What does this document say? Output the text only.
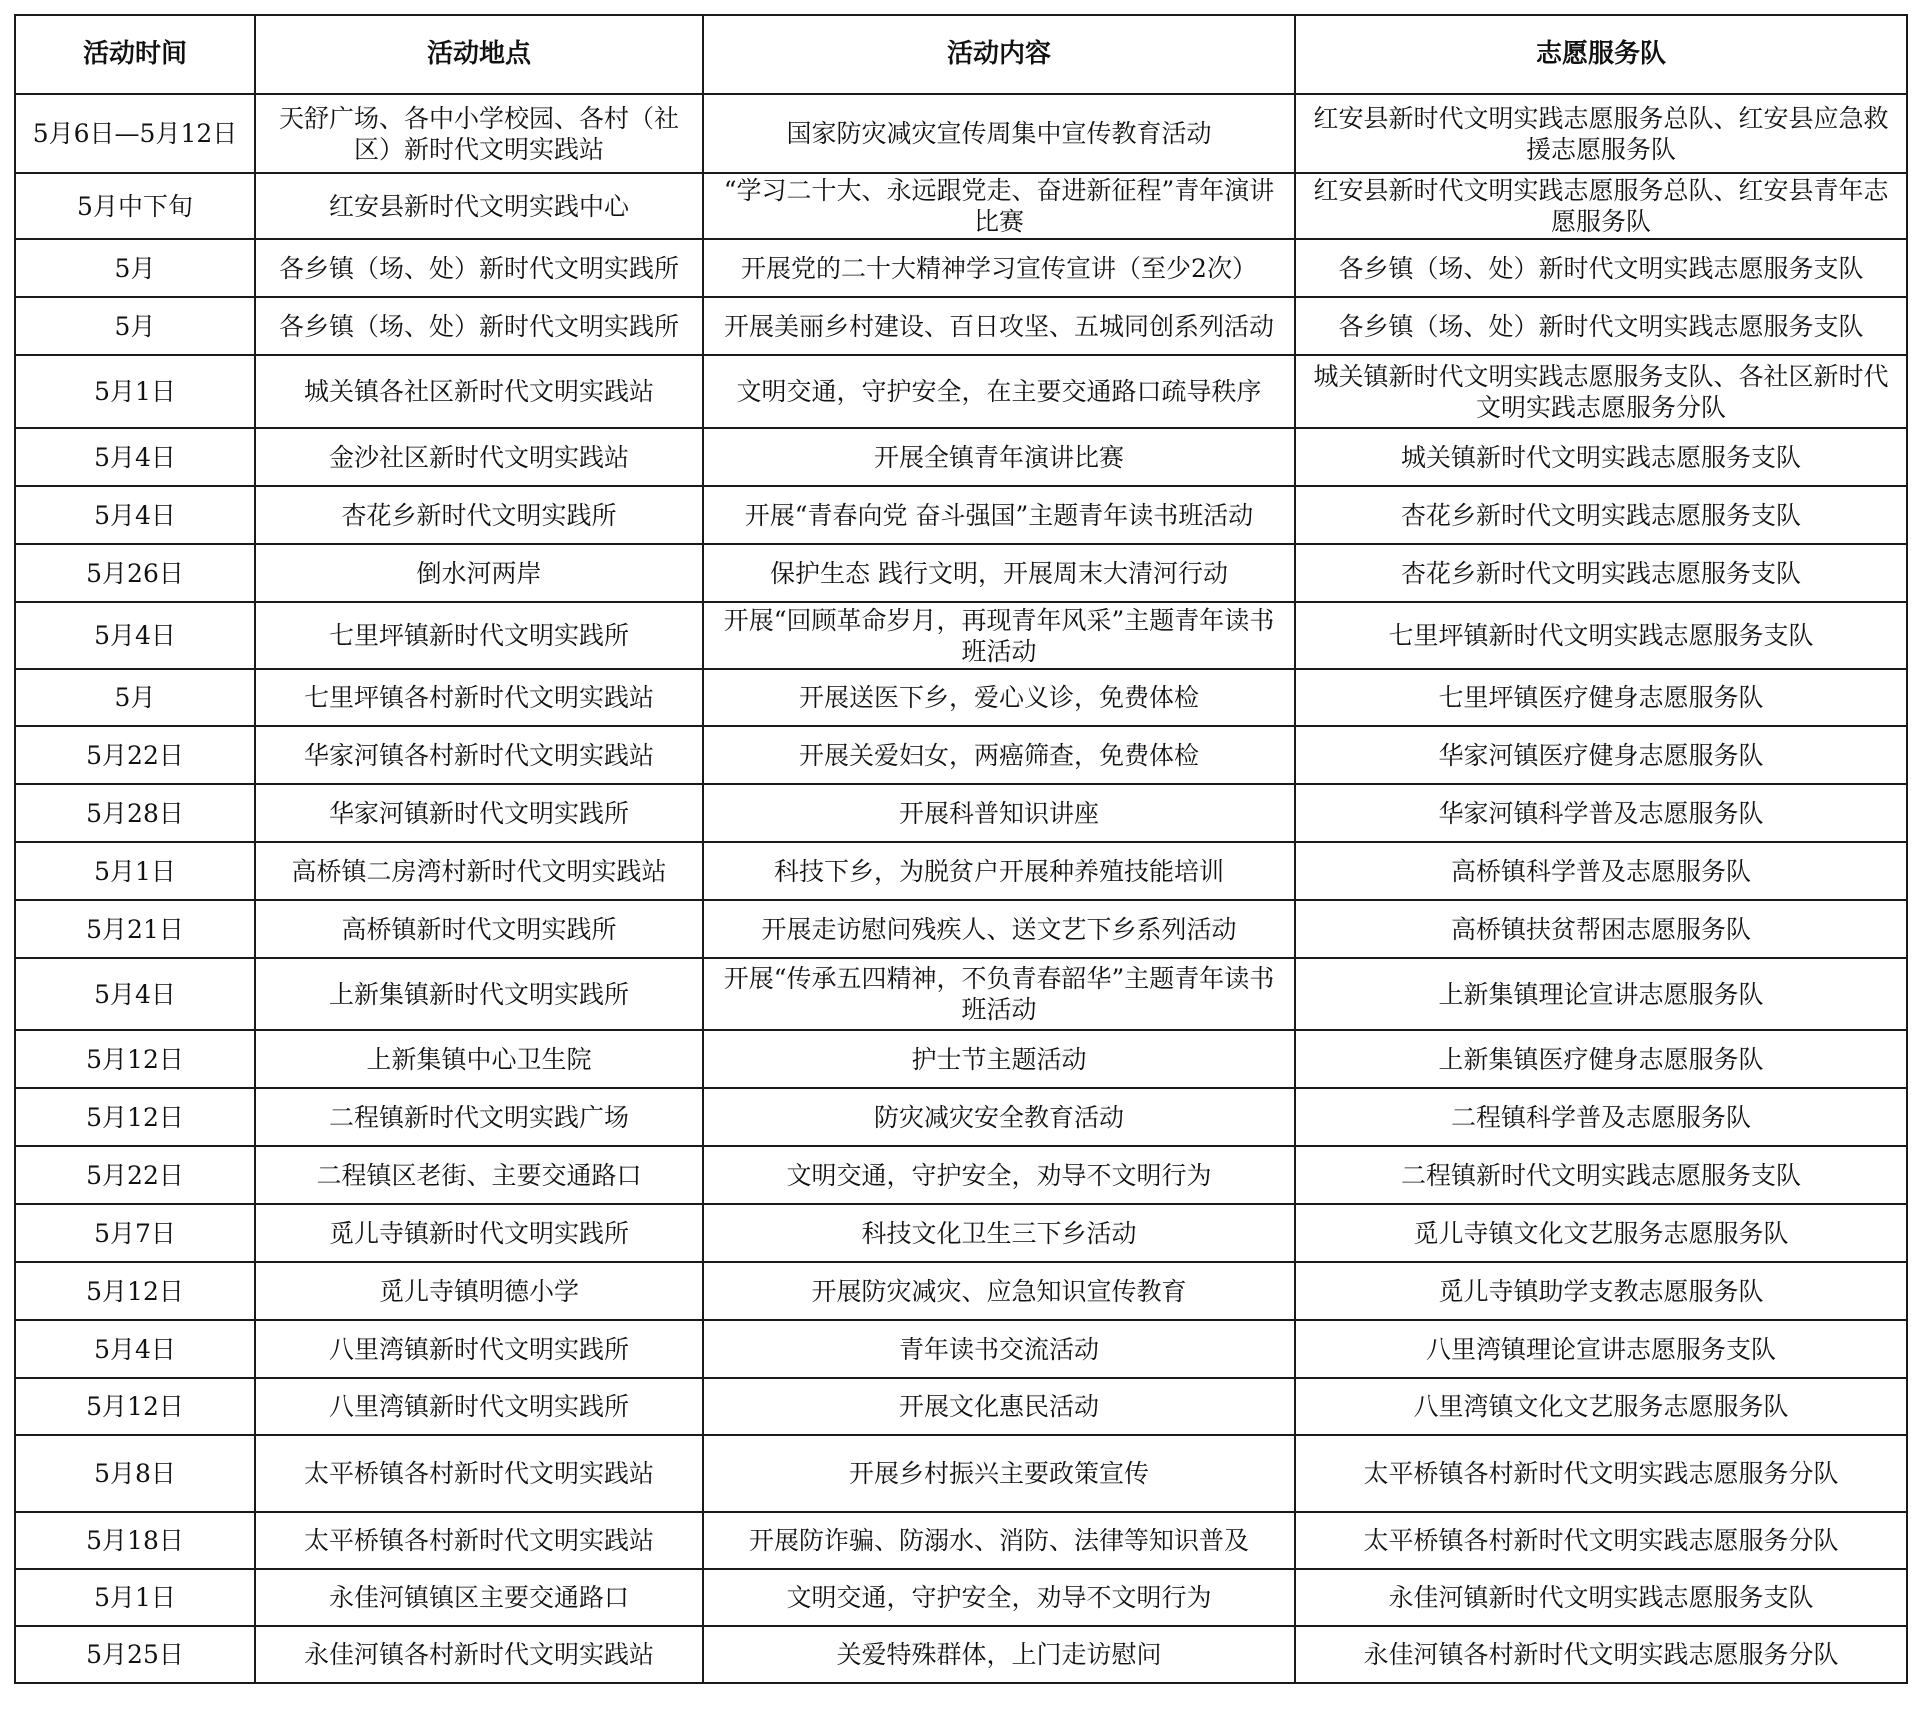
活动时间	活动地点	活动内容	志愿服务队
5月6日—5月12日	天舒广场、各中小学校园、各村（社区）新时代文明实践站	国家防灾减灾宣传周集中宣传教育活动	红安县新时代文明实践志愿服务总队、红安县应急救援志愿服务队
5月中下旬	红安县新时代文明实践中心	“学习二十大、永远跟党走、奋进新征程”青年演讲比赛	红安县新时代文明实践志愿服务总队、红安县青年志愿服务队
5月	各乡镇（场、处）新时代文明实践所	开展党的二十大精神学习宣传宣讲（至少2次）	各乡镇（场、处）新时代文明实践志愿服务支队
5月	各乡镇（场、处）新时代文明实践所	开展美丽乡村建设、百日攻坚、五城同创系列活动	各乡镇（场、处）新时代文明实践志愿服务支队
5月1日	城关镇各社区新时代文明实践站	文明交通，守护安全，在主要交通路口疏导秩序	城关镇新时代文明实践志愿服务支队、各社区新时代文明实践志愿服务分队
5月4日	金沙社区新时代文明实践站	开展全镇青年演讲比赛	城关镇新时代文明实践志愿服务支队
5月4日	杏花乡新时代文明实践所	开展“青春向党 奋斗强国”主题青年读书班活动	杏花乡新时代文明实践志愿服务支队
5月26日	倒水河两岸	保护生态 践行文明，开展周末大清河行动	杏花乡新时代文明实践志愿服务支队
5月4日	七里坪镇新时代文明实践所	开展“回顾革命岁月，再现青年风采”主题青年读书班活动	七里坪镇新时代文明实践志愿服务支队
5月	七里坪镇各村新时代文明实践站	开展送医下乡，爱心义诊，免费体检	七里坪镇医疗健身志愿服务队
5月22日	华家河镇各村新时代文明实践站	开展关爱妇女，两癌筛查，免费体检	华家河镇医疗健身志愿服务队
5月28日	华家河镇新时代文明实践所	开展科普知识讲座	华家河镇科学普及志愿服务队
5月1日	高桥镇二房湾村新时代文明实践站	科技下乡，为脱贫户开展种养殖技能培训	高桥镇科学普及志愿服务队
5月21日	高桥镇新时代文明实践所	开展走访慰问残疾人、送文艺下乡系列活动	高桥镇扶贫帮困志愿服务队
5月4日	上新集镇新时代文明实践所	开展“传承五四精神，不负青春韶华”主题青年读书班活动	上新集镇理论宣讲志愿服务队
5月12日	上新集镇中心卫生院	护士节主题活动	上新集镇医疗健身志愿服务队
5月12日	二程镇新时代文明实践广场	防灾减灾安全教育活动	二程镇科学普及志愿服务队
5月22日	二程镇区老街、主要交通路口	文明交通，守护安全，劝导不文明行为	二程镇新时代文明实践志愿服务支队
5月7日	觅儿寺镇新时代文明实践所	科技文化卫生三下乡活动	觅儿寺镇文化文艺服务志愿服务队
5月12日	觅儿寺镇明德小学	开展防灾减灾、应急知识宣传教育	觅儿寺镇助学支教志愿服务队
5月4日	八里湾镇新时代文明实践所	青年读书交流活动	八里湾镇理论宣讲志愿服务支队
5月12日	八里湾镇新时代文明实践所	开展文化惠民活动	八里湾镇文化文艺服务志愿服务队
5月8日	太平桥镇各村新时代文明实践站	开展乡村振兴主要政策宣传	太平桥镇各村新时代文明实践志愿服务分队
5月18日	太平桥镇各村新时代文明实践站	开展防诈骗、防溺水、消防、法律等知识普及	太平桥镇各村新时代文明实践志愿服务分队
5月1日	永佳河镇镇区主要交通路口	文明交通，守护安全，劝导不文明行为	永佳河镇新时代文明实践志愿服务支队
5月25日	永佳河镇各村新时代文明实践站	关爱特殊群体，上门走访慰问	永佳河镇各村新时代文明实践志愿服务分队
